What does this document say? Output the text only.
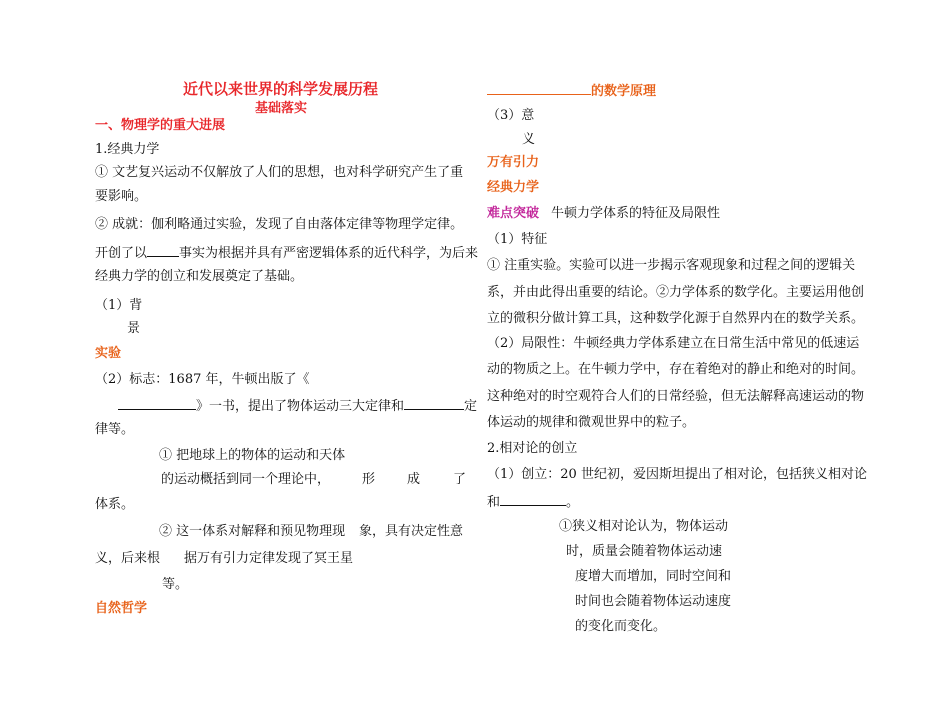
近代以来世界的科学发展历程
基础落实
一、物理学的重大进展
1.经典力学
① 文艺复兴运动不仅解放了人们的思想，也对科学研究产生了重
要影响。
② 成就：伽利略通过实验，发现了自由落体定律等物理学定律。
开创了以 事实为根据并具有严密逻辑体系的近代科学，为后来
经典力学的创立和发展奠定了基础。
（1）背
景
实验
（2）标志：1687 年，牛顿出版了《
》一书，提出了物体运动三大定律和	定
律等。
① 把地球上的物体的运动和天体
的运动概括到同一个理论中， 形 成	了
体系。
② 这一体系对解释和预见物理现 象，具有决定性意
义，后来根 据万有引力定律发现了冥王星
等。
自然哲学
的数学原理
（3）意
义
万有引力
经典力学
难点突破 牛顿力学体系的特征及局限性
（1）特征
① 注重实验。实验可以进一步揭示客观现象和过程之间的逻辑关
系，并由此得出重要的结论。②力学体系的数学化。主要运用他创
立的微积分做计算工具，这种数学化源于自然界内在的数学关系。
（2）局限性：牛顿经典力学体系建立在日常生活中常见的低速运
动的物质之上。在牛顿力学中，存在着绝对的静止和绝对的时间。
这种绝对的时空观符合人们的日常经验，但无法解释高速运动的物
体运动的规律和微观世界中的粒子。
2.相对论的创立
（1）创立：20 世纪初，爱因斯坦提出了相对论，包括狭义相对论
和	。
①狭义相对论认为，物体运动
时，质量会随着物体运动速
度增大而增加，同时空间和
时间也会随着物体运动速度
的变化而变化。
